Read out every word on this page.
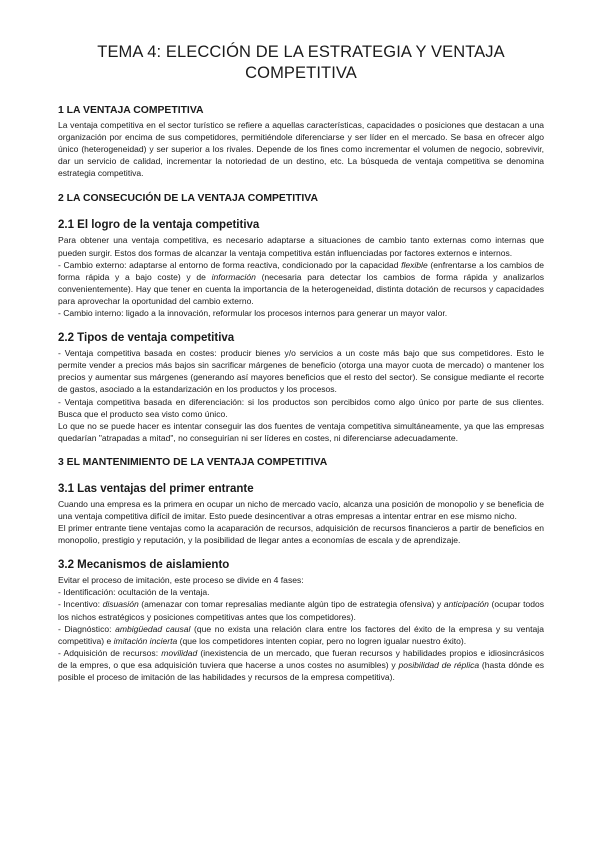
TEMA 4: ELECCIÓN DE LA ESTRATEGIA Y VENTAJA
COMPETITIVA
1 LA VENTAJA COMPETITIVA

La ventaja competitiva en el sector turístico se refiere a aquellas características, capacidades o posiciones que destacan a una organización por encima de sus competidores, permitiéndole diferenciarse y ser líder en el mercado. Se basa en ofrecer algo único (heterogeneidad) y ser superior a los rivales. Depende de los fines como incrementar el volumen de negocio, sobrevivir, dar un servicio de calidad, incrementar la notoriedad de un destino, etc. La búsqueda de ventaja competitiva se denomina estrategia competitiva.

2 LA CONSECUCIÓN DE LA VENTAJA COMPETITIVA
2.1 El logro de la ventaja competitiva

Para obtener una ventaja competitiva, es necesario adaptarse a situaciones de cambio tanto externas como internas que pueden surgir. Estos dos formas de alcanzar la ventaja competitiva están influenciadas por factores externos e internos.

- Cambio externo: adaptarse al entorno de forma reactiva, condicionado por la capacidad flexible (enfrentarse a los cambios de forma rápida y a bajo coste) y de información (necesaria para detectar los cambios de forma rápida y analizarlos convenientemente). Hay que tener en cuenta la importancia de la heterogeneidad, distinta dotación de recursos y capacidades para aprovechar la oportunidad del cambio externo.

- Cambio interno: ligado a la innovación, reformular los procesos internos para generar un mayor valor.

2.2 Tipos de ventaja competitiva

- Ventaja competitiva basada en costes: producir bienes y/o servicios a un coste más bajo que sus competidores. Esto le permite vender a precios más bajos sin sacrificar márgenes de beneficio (otorga una mayor cuota de mercado) o mantener los precios y aumentar sus márgenes (generando así mayores beneficios que el resto del sector). Se consigue mediante el recorte de gastos, asociado a la estandarización en los productos y los procesos.

- Ventaja competitiva basada en diferenciación: si los productos son percibidos como algo único por parte de sus clientes. Busca que el producto sea visto como único.

Lo que no se puede hacer es intentar conseguir las dos fuentes de ventaja competitiva simultáneamente, ya que las empresas quedarían "atrapadas a mitad", no conseguirían ni ser líderes en costes, ni diferenciarse adecuadamente.

3 EL MANTENIMIENTO DE LA VENTAJA COMPETITIVA
3.1 Las ventajas del primer entrante

Cuando una empresa es la primera en ocupar un nicho de mercado vacío, alcanza una posición de monopolio y se beneficia de una ventaja competitiva difícil de imitar. Esto puede desincentivar a otras empresas a intentar entrar en ese mismo nicho.

El primer entrante tiene ventajas como la acaparación de recursos, adquisición de recursos financieros a partir de beneficios en monopolio, prestigio y reputación, y la posibilidad de llegar antes a economías de escala y de aprendizaje.

3.2 Mecanismos de aislamiento

Evitar el proceso de imitación, este proceso se divide en 4 fases:

- Identificación: ocultación de la ventaja.

- Incentivo: disuasión (amenazar con tomar represalias mediante algún tipo de estrategia ofensiva) y anticipación (ocupar todos los nichos estratégicos y posiciones competitivas antes que los competidores).

- Diagnóstico: ambigüedad causal (que no exista una relación clara entre los factores del éxito de la empresa y su ventaja competitiva) e imitación incierta (que los competidores intenten copiar, pero no logren igualar nuestro éxito).

- Adquisición de recursos: movilidad (inexistencia de un mercado, que fueran recursos y habilidades propios e idiosincrásicos de la empres, o que esa adquisición tuviera que hacerse a unos costes no asumibles) y posibilidad de réplica (hasta dónde es posible el proceso de imitación de las habilidades y recursos de la empresa competitiva).
